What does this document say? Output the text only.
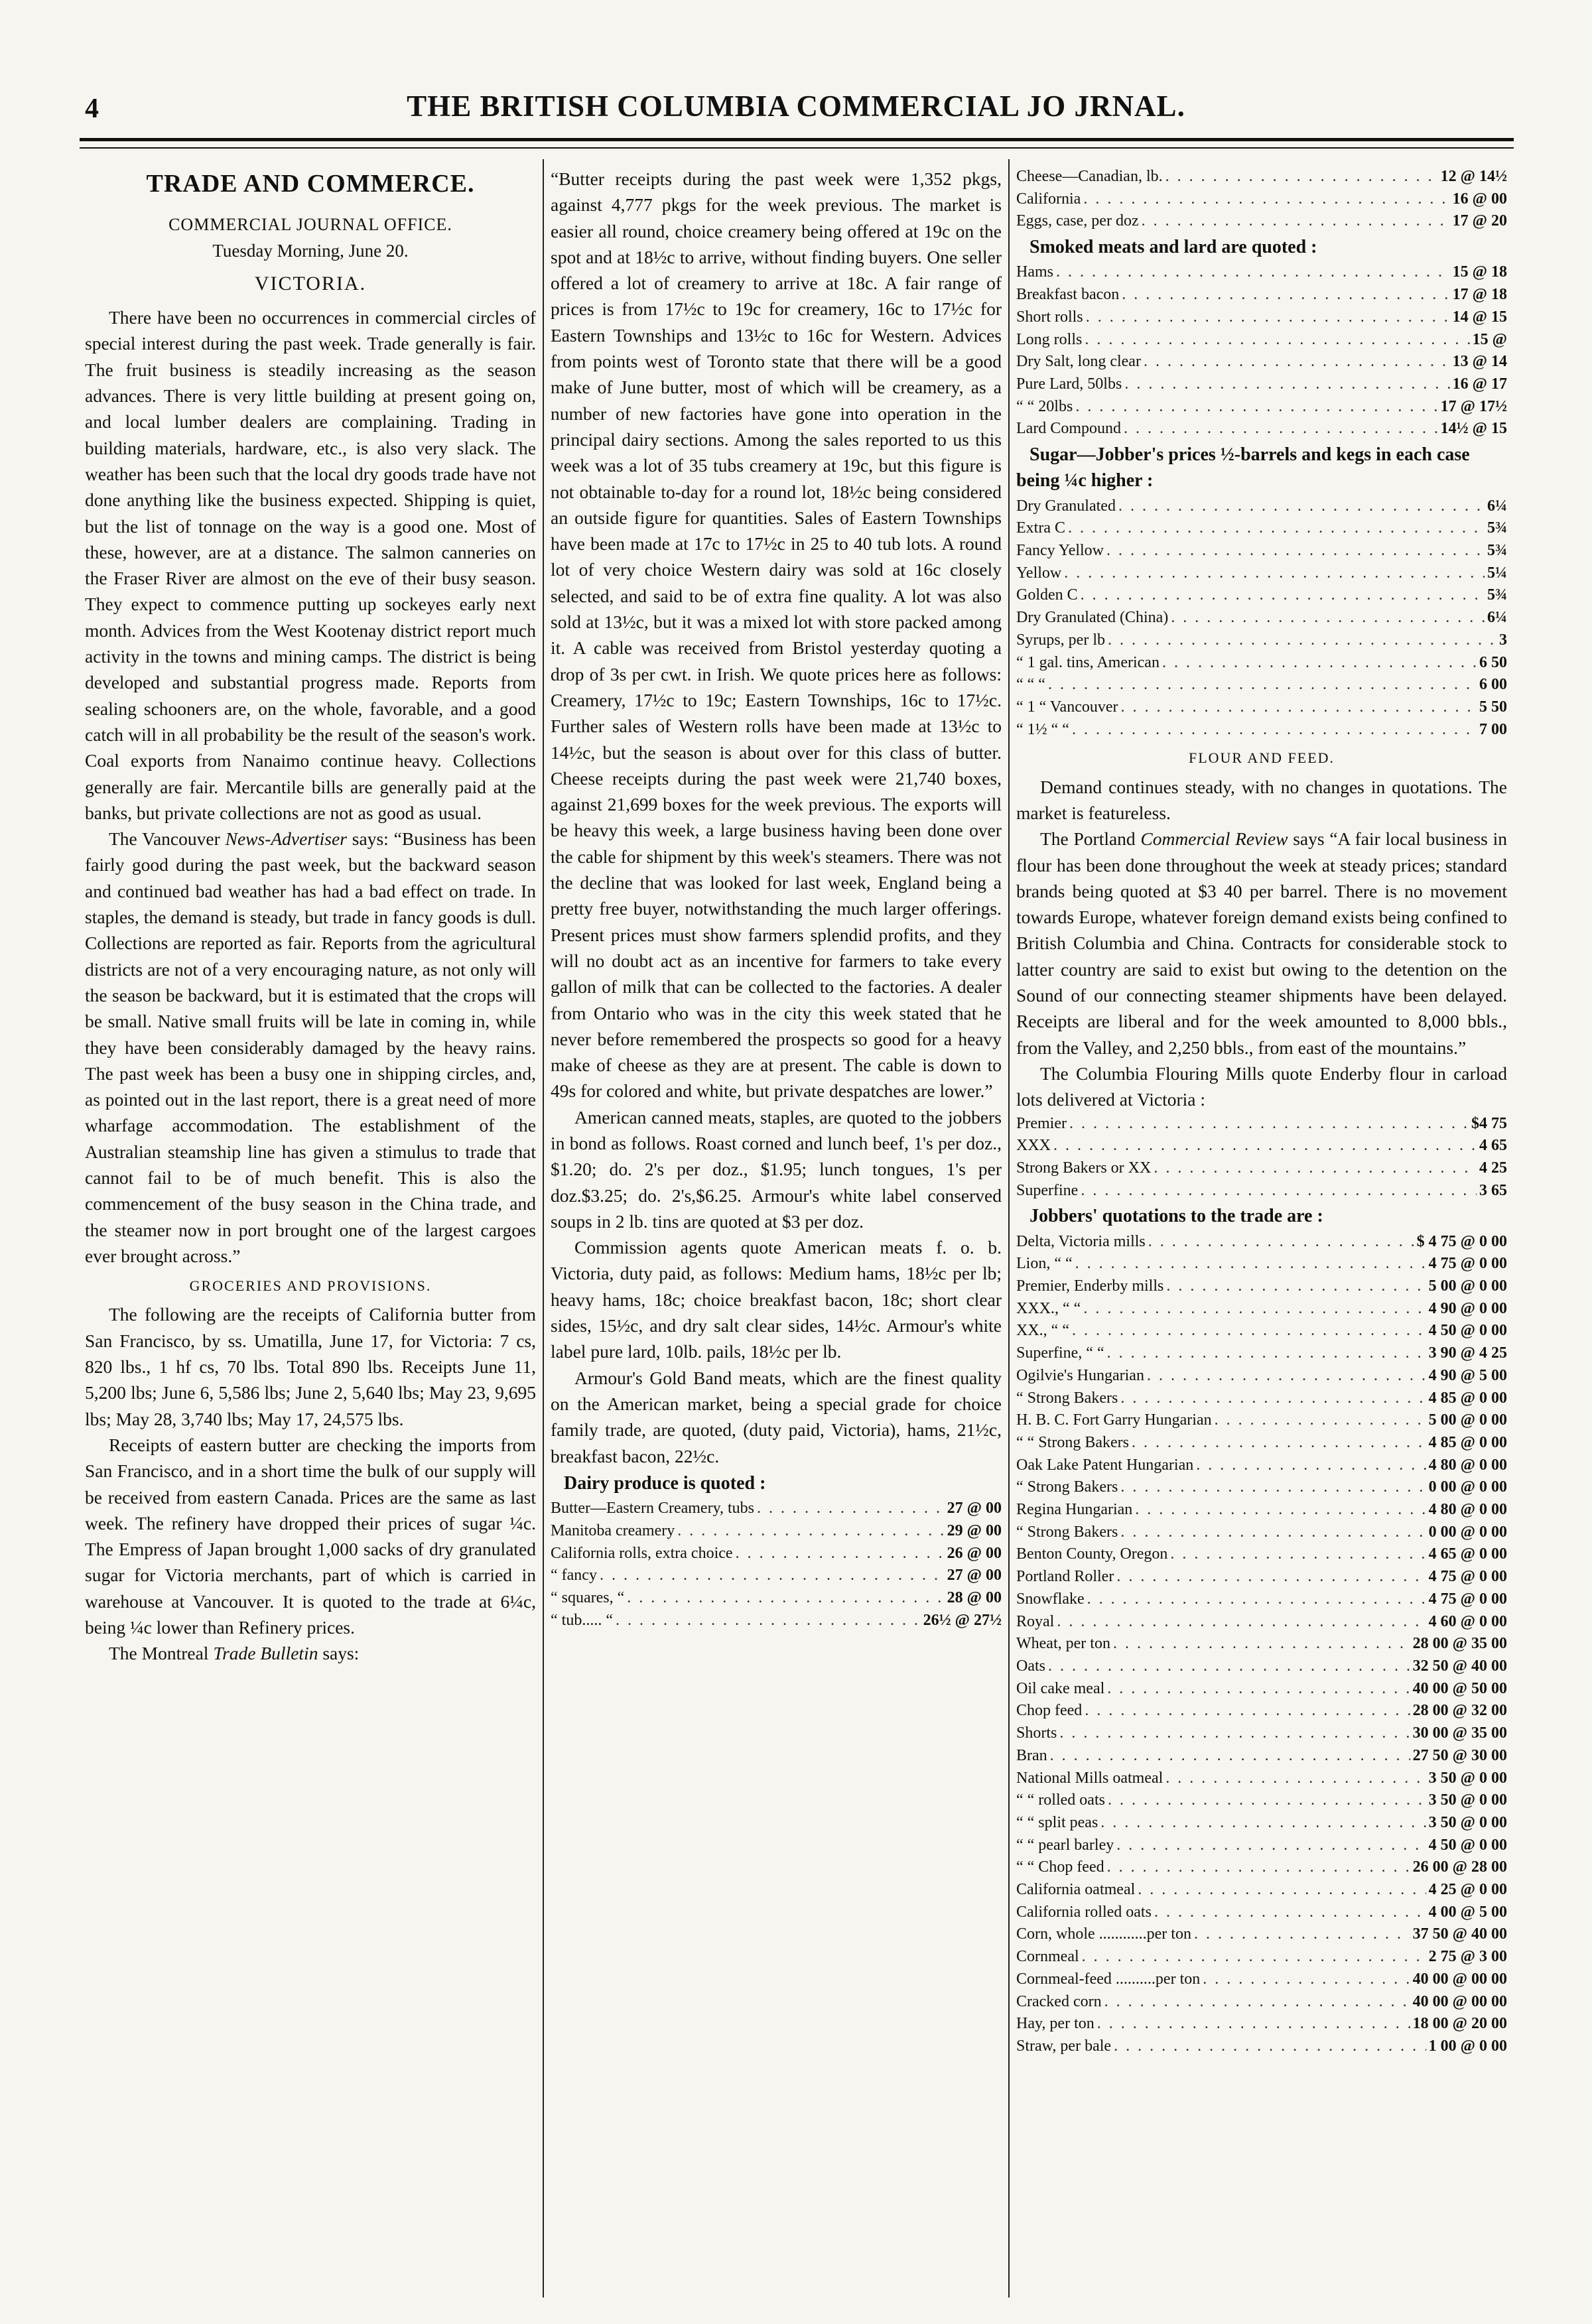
4	THE BRITISH COLUMBIA COMMERCIAL JO JRNAL.
TRADE AND COMMERCE.
COMMERCIAL JOURNAL OFFICE.
Tuesday Morning, June 20.
VICTORIA.

There have been no occurrences in commercial circles of special interest during the past week. Trade generally is fair. The fruit business is steadily increasing as the season advances. There is very little building at present going on, and local lumber dealers are complaining. Trading in building materials, hardware, etc., is also very slack. The weather has been such that the local dry goods trade have not done anything like the business expected. Shipping is quiet, but the list of tonnage on the way is a good one. Most of these, however, are at a distance. The salmon canneries on the Fraser River are almost on the eve of their busy season. They expect to commence putting up sockeyes early next month. Advices from the West Kootenay district report much activity in the towns and mining camps. The district is being developed and substantial progress made. Reports from sealing schooners are, on the whole, favorable, and a good catch will in all probability be the result of the season's work. Coal exports from Nanaimo continue heavy. Collections generally are fair. Mercantile bills are generally paid at the banks, but private collections are not as good as usual.

The Vancouver News-Advertiser says: “Business has been fairly good during the past week, but the backward season and continued bad weather has had a bad effect on trade. In staples, the demand is steady, but trade in fancy goods is dull. Collections are reported as fair. Reports from the agricultural districts are not of a very encouraging nature, as not only will the season be backward, but it is estimated that the crops will be small. Native small fruits will be late in coming in, while they have been considerably damaged by the heavy rains. The past week has been a busy one in shipping circles, and, as pointed out in the last report, there is a great need of more wharfage accommodation. The establishment of the Australian steamship line has given a stimulus to trade that cannot fail to be of much benefit. This is also the commencement of the busy season in the China trade, and the steamer now in port brought one of the largest cargoes ever brought across.”

GROCERIES AND PROVISIONS.

The following are the receipts of California butter from San Francisco, by ss. Umatilla, June 17, for Victoria: 7 cs, 820 lbs., 1 hf cs, 70 lbs. Total 890 lbs. Receipts June 11, 5,200 lbs; June 6, 5,586 lbs; June 2, 5,640 lbs; May 23, 9,695 lbs; May 28, 3,740 lbs; May 17, 24,575 lbs.

Receipts of eastern butter are checking the imports from San Francisco, and in a short time the bulk of our supply will be received from eastern Canada. Prices are the same as last week. The refinery have dropped their prices of sugar ¼c. The Empress of Japan brought 1,000 sacks of dry granulated sugar for Victoria merchants, part of which is carried in warehouse at Vancouver. It is quoted to the trade at 6¼c, being ¼c lower than Refinery prices.

The Montreal Trade Bulletin says:

“Butter receipts during the past week were 1,352 pkgs, against 4,777 pkgs for the week previous. The market is easier all round, choice creamery being offered at 19c on the spot and at 18½c to arrive, without finding buyers. One seller offered a lot of creamery to arrive at 18c. A fair range of prices is from 17½c to 19c for creamery, 16c to 17½c for Eastern Townships and 13½c to 16c for Western. Advices from points west of Toronto state that there will be a good make of June butter, most of which will be creamery, as a number of new factories have gone into operation in the principal dairy sections. Among the sales reported to us this week was a lot of 35 tubs creamery at 19c, but this figure is not obtainable to-day for a round lot, 18½c being considered an outside figure for quantities. Sales of Eastern Townships have been made at 17c to 17½c in 25 to 40 tub lots. A round lot of very choice Western dairy was sold at 16c closely selected, and said to be of extra fine quality. A lot was also sold at 13½c, but it was a mixed lot with store packed among it. A cable was received from Bristol yesterday quoting a drop of 3s per cwt. in Irish. We quote prices here as follows: Creamery, 17½c to 19c; Eastern Townships, 16c to 17½c. Further sales of Western rolls have been made at 13½c to 14½c, but the season is about over for this class of butter. Cheese receipts during the past week were 21,740 boxes, against 21,699 boxes for the week previous. The exports will be heavy this week, a large business having been done over the cable for shipment by this week's steamers. There was not the decline that was looked for last week, England being a pretty free buyer, notwithstanding the much larger offerings. Present prices must show farmers splendid profits, and they will no doubt act as an incentive for farmers to take every gallon of milk that can be collected to the factories. A dealer from Ontario who was in the city this week stated that he never before remembered the prospects so good for a heavy make of cheese as they are at present. The cable is down to 49s for colored and white, but private despatches are lower.”

American canned meats, staples, are quoted to the jobbers in bond as follows. Roast corned and lunch beef, 1's per doz., $1.20; do. 2's per doz., $1.95; lunch tongues, 1's per doz.$3.25; do. 2's,$6.25. Armour's white label conserved soups in 2 lb. tins are quoted at $3 per doz.

Commission agents quote American meats f. o. b. Victoria, duty paid, as follows: Medium hams, 18½c per lb; heavy hams, 18c; choice breakfast bacon, 18c; short clear sides, 15½c, and dry salt clear sides, 14½c. Armour's white label pure lard, 10lb. pails, 18½c per lb.

Armour's Gold Band meats, which are the finest quality on the American market, being a special grade for choice family trade, are quoted, (duty paid, Victoria), hams, 21½c, breakfast bacon, 22½c.

Dairy produce is quoted :
Butter—Eastern Creamery, tubs . . .	27 @ 00
Manitoba creamery . . .	29 @ 00
California rolls, extra choice . . .	26 @ 00
“ fancy . . .	27 @ 00
“ squares, “ . . .	28 @ 00
“ tub..... “ . . .	26½ @ 27½
Cheese—Canadian, lb. . . .	12 @ 14½
California . . .	16 @ 00
Eggs, case, per doz . . .	17 @ 20
Smoked meats and lard are quoted :
Hams . . .	15 @ 18
Breakfast bacon . . .	17 @ 18
Short rolls . . .	14 @ 15
Long rolls . . .	15 @
Dry Salt, long clear . . .	13 @ 14
Pure Lard, 50lbs . . .	16 @ 17
“ “ 20lbs . . .	17 @ 17½
Lard Compound . . .	14½ @ 15
Sugar—Jobber's prices ½-barrels and kegs in each case being ¼c higher :
Dry Granulated . . .	6¼
Extra C . . .	5¾
Fancy Yellow . . .	5¾
Yellow . . .	5¼
Golden C . . .	5¾
Dry Granulated (China) . . .	6¼
Syrups, per lb . . .	3
“ 1 gal. tins, American . . .	6 50
“ “ “ . . .	6 00
“ 1 “ Vancouver . . .	5 50
“ 1½ “ “ . . .	7 00
FLOUR AND FEED.

Demand continues steady, with no changes in quotations. The market is featureless.

The Portland Commercial Review says “A fair local business in flour has been done throughout the week at steady prices; standard brands being quoted at $3 40 per barrel. There is no movement towards Europe, whatever foreign demand exists being confined to British Columbia and China. Contracts for considerable stock to latter country are said to exist but owing to the detention on the Sound of our connecting steamer shipments have been delayed. Receipts are liberal and for the week amounted to 8,000 bbls., from the Valley, and 2,250 bbls., from east of the mountains.”

The Columbia Flouring Mills quote Enderby flour in carload lots delivered at Victoria :

Premier . . .	$4 75
XXX . . .	4 65
Strong Bakers or XX . . .	4 25
Superfine . . .	3 65
Jobbers' quotations to the trade are :
Delta, Victoria mills . . .	$ 4 75 @ 0 00
Lion, “ “ . . .	4 75 @ 0 00
Premier, Enderby mills . . .	5 00 @ 0 00
XXX., “ “ . . .	4 90 @ 0 00
XX., “ “ . . .	4 50 @ 0 00
Superfine, “ “ . . .	3 90 @ 4 25
Ogilvie's Hungarian . . .	4 90 @ 5 00
“ Strong Bakers . . .	4 85 @ 0 00
H. B. C. Fort Garry Hungarian . . .	5 00 @ 0 00
“ “ Strong Bakers . . .	4 85 @ 0 00
Oak Lake Patent Hungarian . . .	4 80 @ 0 00
“ Strong Bakers . . .	0 00 @ 0 00
Regina Hungarian . . .	4 80 @ 0 00
“ Strong Bakers . . .	0 00 @ 0 00
Benton County, Oregon . . .	4 65 @ 0 00
Portland Roller . . .	4 75 @ 0 00
Snowflake . . .	4 75 @ 0 00
Royal . . .	4 60 @ 0 00
Wheat, per ton . . .	28 00 @ 35 00
Oats . . .	32 50 @ 40 00
Oil cake meal . . .	40 00 @ 50 00
Chop feed . . .	28 00 @ 32 00
Shorts . . .	30 00 @ 35 00
Bran . . .	27 50 @ 30 00
National Mills oatmeal . . .	3 50 @ 0 00
“ “ rolled oats . . .	3 50 @ 0 00
“ “ split peas . . .	3 50 @ 0 00
“ “ pearl barley . . .	4 50 @ 0 00
“ “ Chop feed . . .	26 00 @ 28 00
California oatmeal . . .	4 25 @ 0 00
California rolled oats . . .	4 00 @ 5 00
Corn, whole ............per ton . . .	37 50 @ 40 00
Cornmeal . . .	2 75 @ 3 00
Cornmeal-feed ..........per ton . . .	40 00 @ 00 00
Cracked corn . . .	40 00 @ 00 00
Hay, per ton . . .	18 00 @ 20 00
Straw, per bale . . .	1 00 @ 0 00
